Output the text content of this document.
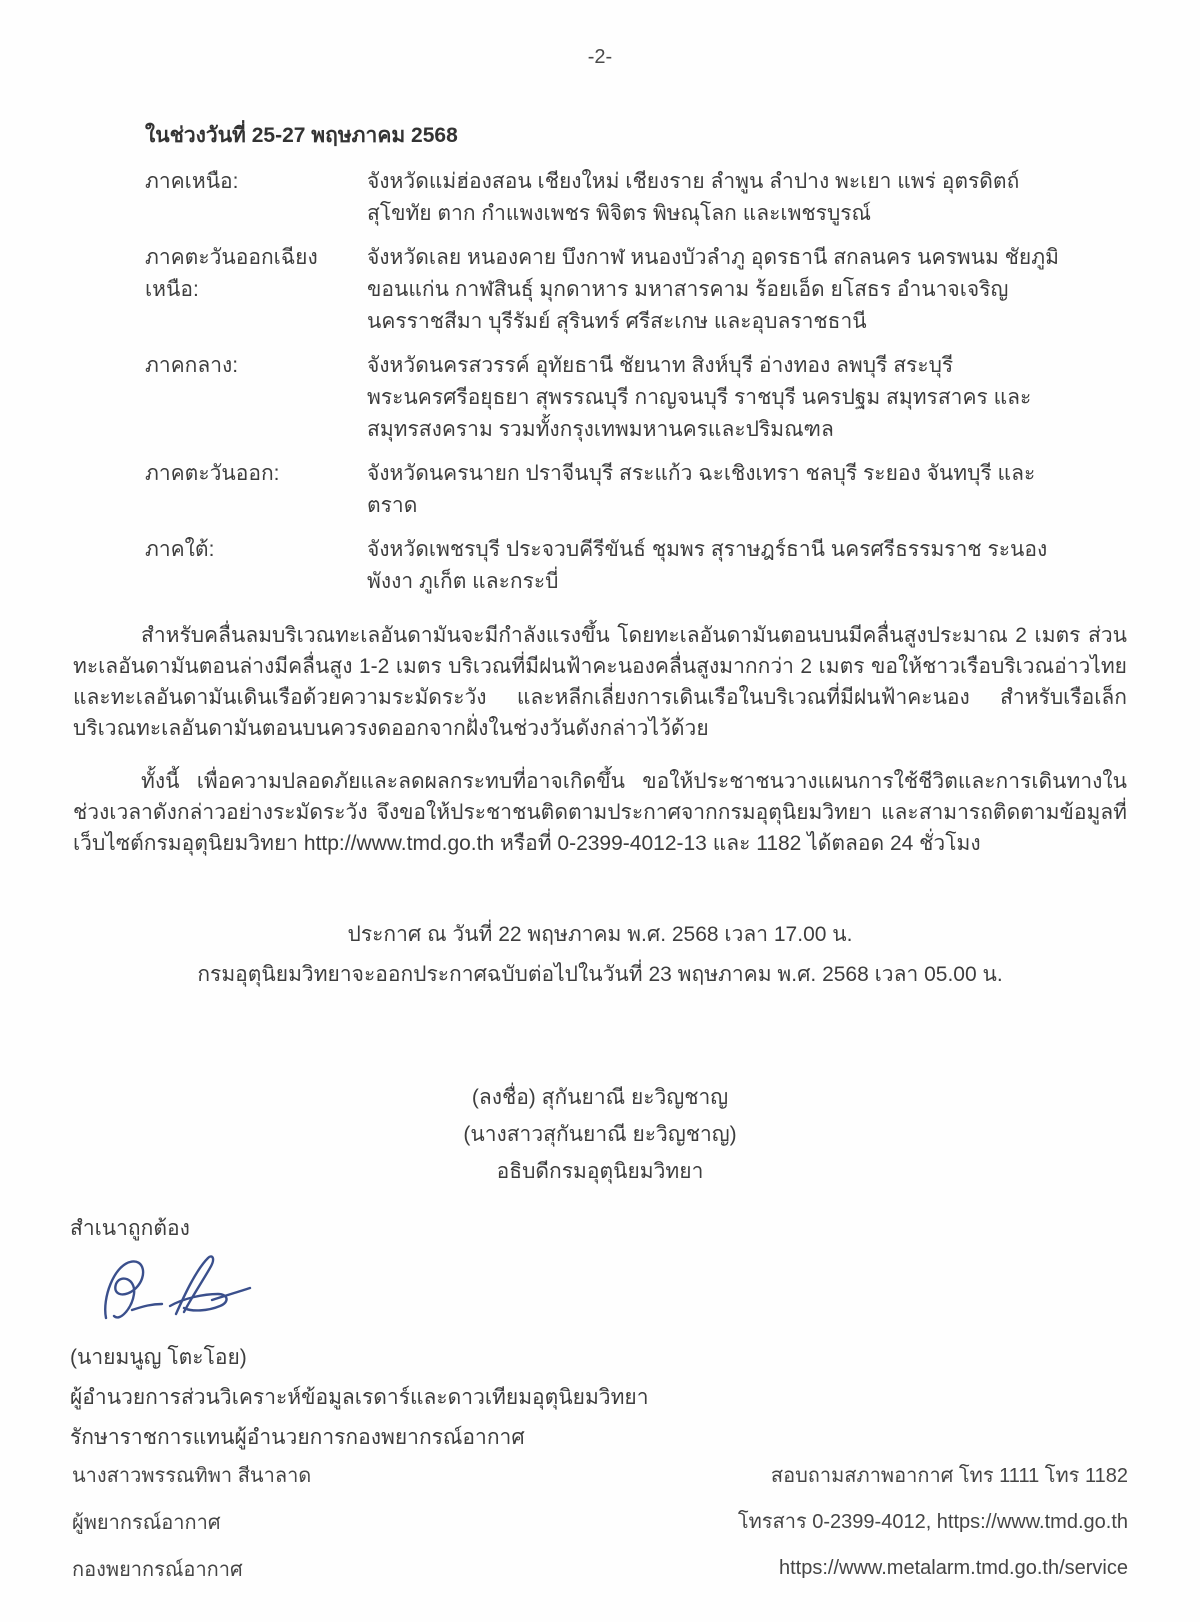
-2-
ในช่วงวันที่ 25-27 พฤษภาคม 2568
ภาคเหนือ:	จังหวัดแม่ฮ่องสอน เชียงใหม่ เชียงราย ลำพูน ลำปาง พะเยา แพร่ อุตรดิตถ์ สุโขทัย ตาก กำแพงเพชร พิจิตร พิษณุโลก และเพชรบูรณ์
ภาคตะวันออกเฉียงเหนือ:
จังหวัดเลย หนองคาย บึงกาฬ หนองบัวลำภู อุดรธานี สกลนคร นครพนม ชัยภูมิ ขอนแก่น กาฬสินธุ์ มุกดาหาร มหาสารคาม ร้อยเอ็ด ยโสธร อำนาจเจริญ นครราชสีมา บุรีรัมย์ สุรินทร์ ศรีสะเกษ และอุบลราชธานี
ภาคกลาง:	จังหวัดนครสวรรค์ อุทัยธานี ชัยนาท สิงห์บุรี อ่างทอง ลพบุรี สระบุรี พระนครศรีอยุธยา สุพรรณบุรี กาญจนบุรี ราชบุรี นครปฐม สมุทรสาคร และสมุทรสงคราม รวมทั้งกรุงเทพมหานครและปริมณฑล
ภาคตะวันออก:	จังหวัดนครนายก ปราจีนบุรี สระแก้ว ฉะเชิงเทรา ชลบุรี ระยอง จันทบุรี และตราด
ภาคใต้:	จังหวัดเพชรบุรี ประจวบคีรีขันธ์ ชุมพร สุราษฎร์ธานี นครศรีธรรมราช ระนอง พังงา ภูเก็ต และกระบี่
สำหรับคลื่นลมบริเวณทะเลอันดามันจะมีกำลังแรงขึ้น โดยทะเลอันดามันตอนบนมีคลื่นสูงประมาณ 2 เมตร ส่วนทะเลอันดามันตอนล่างมีคลื่นสูง 1-2 เมตร บริเวณที่มีฝนฟ้าคะนองคลื่นสูงมากกว่า 2 เมตร ขอให้ชาวเรือบริเวณอ่าวไทยและทะเลอันดามันเดินเรือด้วยความระมัดระวัง และหลีกเลี่ยงการเดินเรือในบริเวณที่มีฝนฟ้าคะนอง สำหรับเรือเล็กบริเวณทะเลอันดามันตอนบนควรงดออกจากฝั่งในช่วงวันดังกล่าวไว้ด้วย
ทั้งนี้ เพื่อความปลอดภัยและลดผลกระทบที่อาจเกิดขึ้น ขอให้ประชาชนวางแผนการใช้ชีวิตและการเดินทางในช่วงเวลาดังกล่าวอย่างระมัดระวัง จึงขอให้ประชาชนติดตามประกาศจากกรมอุตุนิยมวิทยา และสามารถติดตามข้อมูลที่เว็บไซต์กรมอุตุนิยมวิทยา http://www.tmd.go.th หรือที่ 0-2399-4012-13 และ 1182 ได้ตลอด 24 ชั่วโมง
ประกาศ ณ วันที่ 22 พฤษภาคม พ.ศ. 2568 เวลา 17.00 น.
กรมอุตุนิยมวิทยาจะออกประกาศฉบับต่อไปในวันที่ 23 พฤษภาคม พ.ศ. 2568 เวลา 05.00 น.
(ลงชื่อ) สุกันยาณี ยะวิญชาญ
(นางสาวสุกันยาณี ยะวิญชาญ)
อธิบดีกรมอุตุนิยมวิทยา
สำเนาถูกต้อง
(นายมนูญ โตะโอย)
ผู้อำนวยการส่วนวิเคราะห์ข้อมูลเรดาร์และดาวเทียมอุตุนิยมวิทยา
รักษาราชการแทนผู้อำนวยการกองพยากรณ์อากาศ
นางสาวพรรณทิพา สีนาลาด
ผู้พยากรณ์อากาศ
กองพยากรณ์อากาศ
สอบถามสภาพอากาศ โทร 1111 โทร 1182
โทรสาร 0-2399-4012, https://www.tmd.go.th
https://www.metalarm.tmd.go.th/service
